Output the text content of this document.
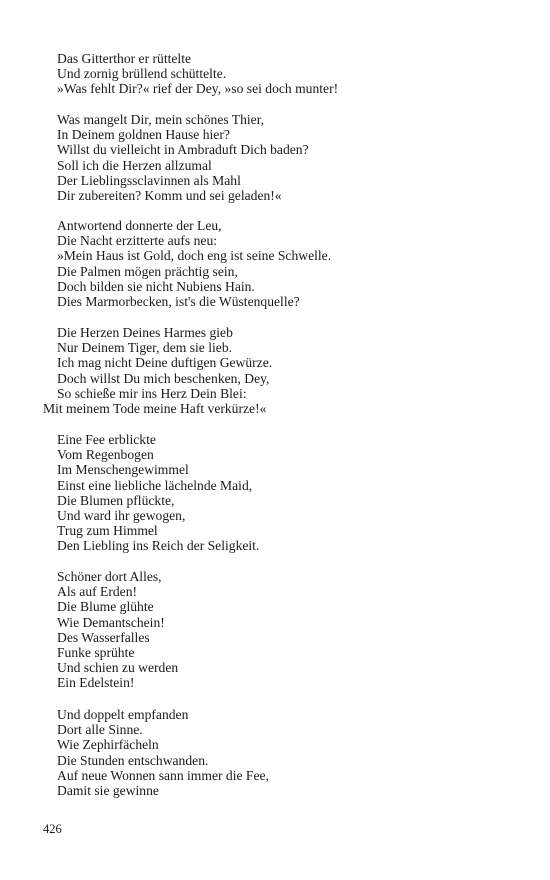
Das Gitterthor er rüttelte
Und zornig brüllend schüttelte.
»Was fehlt Dir?« rief der Dey, »so sei doch munter!
Was mangelt Dir, mein schönes Thier,
In Deinem goldnen Hause hier?
Willst du vielleicht in Ambraduft Dich baden?
Soll ich die Herzen allzumal
Der Lieblingssclavinnen als Mahl
Dir zubereiten? Komm und sei geladen!«
Antwortend donnerte der Leu,
Die Nacht erzitterte aufs neu:
»Mein Haus ist Gold, doch eng ist seine Schwelle.
Die Palmen mögen prächtig sein,
Doch bilden sie nicht Nubiens Hain.
Dies Marmorbecken, ist's die Wüstenquelle?
Die Herzen Deines Harmes gieb
Nur Deinem Tiger, dem sie lieb.
Ich mag nicht Deine duftigen Gewürze.
Doch willst Du mich beschenken, Dey,
So schieße mir ins Herz Dein Blei:
Mit meinem Tode meine Haft verkürze!«
Eine Fee erblickte
Vom Regenbogen
Im Menschengewimmel
Einst eine liebliche lächelnde Maid,
Die Blumen pflückte,
Und ward ihr gewogen,
Trug zum Himmel
Den Liebling ins Reich der Seligkeit.
Schöner dort Alles,
Als auf Erden!
Die Blume glühte
Wie Demantschein!
Des Wasserfalles
Funke sprühte
Und schien zu werden
Ein Edelstein!
Und doppelt empfanden
Dort alle Sinne.
Wie Zephirfächeln
Die Stunden entschwanden.
Auf neue Wonnen sann immer die Fee,
Damit sie gewinne
426
